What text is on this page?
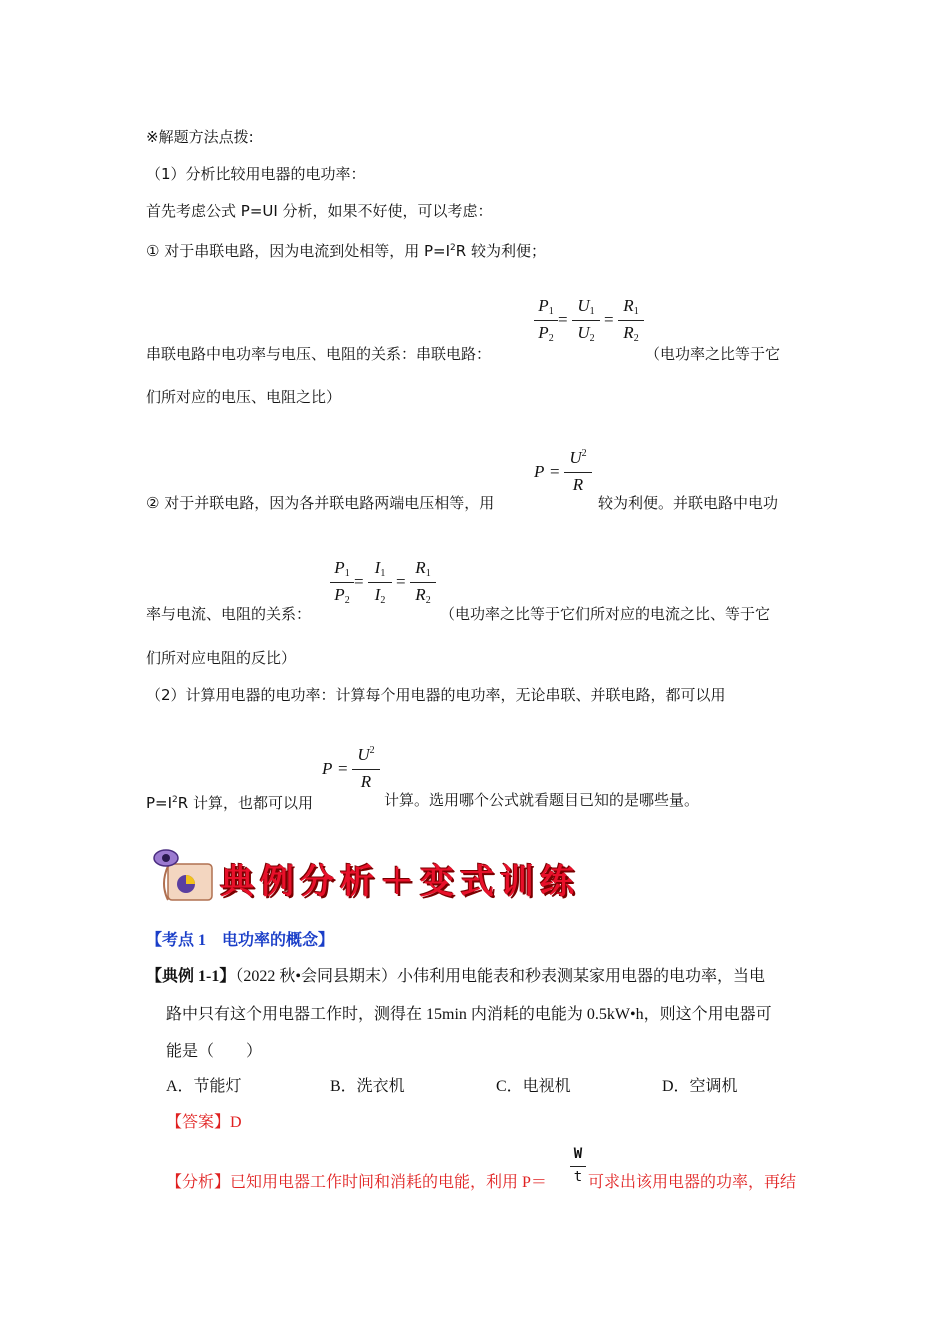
※解题方法点拨:
（1）分析比较用电器的电功率：
首先考虑公式 P=UI 分析，如果不好使，可以考虑：
① 对于串联电路，因为电流到处相等，用 $P=I^2R$ 较为利便；
$P_1$
$P_2$
=
$U_1$
$U_2$
=
$R_1$
$R_2$
串联电路中电功率与电压、电阻的关系：串联电路：	（电功率之比等于它
们所对应的电压、电阻之比）
P =
$U^2$
R
② 对于并联电路，因为各并联电路两端电压相等，用	较为利便。并联电路中电功
$P_1$
$P_2$
=
$I_1$
$I_2$
=
$R_1$
$R_2$
率与电流、电阻的关系：	（电功率之比等于它们所对应的电流之比、等于它
们所对应电阻的反比）
（2）计算用电器的电功率：计算每个用电器的电功率，无论串联、并联电路，都可以用
P =
$U^2$
R
$P=I^2R$ 计算，也都可以用	计算。选用哪个公式就看题目已知的是哪些量。
典例分析＋变式训练
【考点 1　电功率的概念】
【典例 1-1】（2022 秋•会同县期末）小伟利用电能表和秒表测某家用电器的电功率，当电
路中只有这个用电器工作时，测得在 15min 内消耗的电能为 0.5kW•h，则这个用电器可
能是（　　）
A．节能灯	B．洗衣机	C．电视机	D．空调机
【答案】D
【分析】已知用电器工作时间和消耗的电能，利用 P＝
W
t 可求出该用电器的功率，再结
